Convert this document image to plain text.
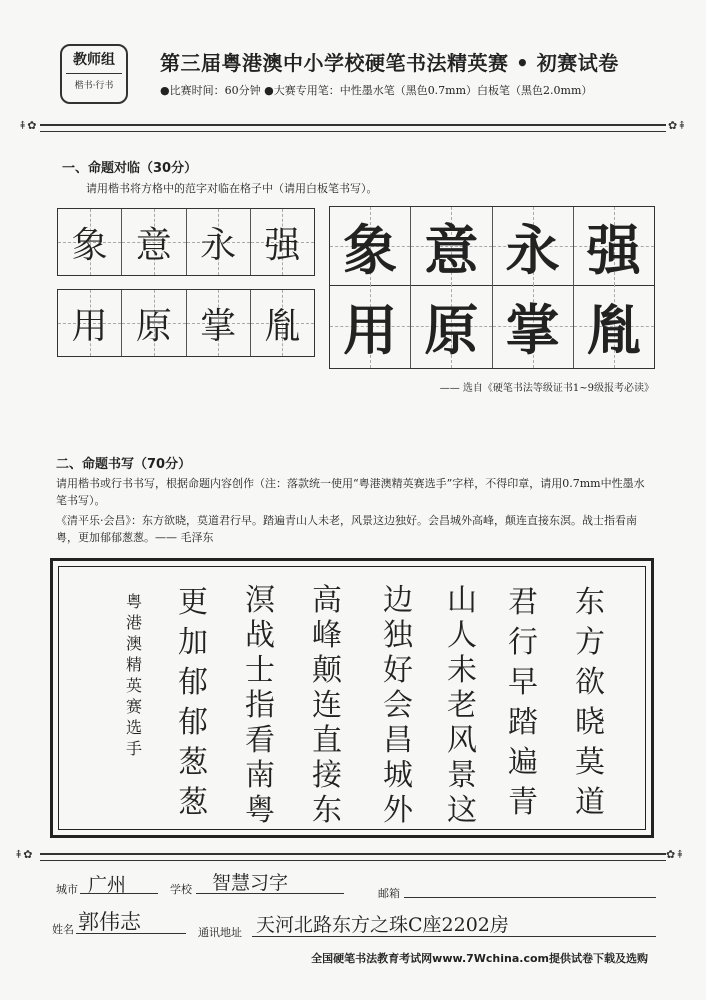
教师组
楷书·行书
第三届粤港澳中小学校硬笔书法精英赛 • 初赛试卷
●比赛时间：60分钟 ●大赛专用笔：中性墨水笔（黑色0.7mm）白板笔（黑色2.0mm）
⇞✿	✿⇞
一、命题对临（30分）
请用楷书将方格中的范字对临在格子中（请用白板笔书写）。
象 意 永 强
用 原 掌 胤
象 意 永 强
用 原 掌 胤
—— 选自《硬笔书法等级证书1~9级报考必读》
二、命题书写（70分）
请用楷书或行书书写，根据命题内容创作（注：落款统一使用“粤港澳精英赛选手”字样，不得印章，请用0.7mm中性墨水笔书写）。
《清平乐·会昌》：东方欲晓，莫道君行早。踏遍青山人未老，风景这边独好。会昌城外高峰，颠连直接东溟。战士指看南粤，更加郁郁葱葱。—— 毛泽东
东
方
欲
晓
莫
道
君
行
早
踏
遍
青
山
人
未
老
风
景
这
边
独
好
会
昌
城
外
高
峰
颠
连
直
接
东
溟
战
士
指
看
南
粤
更
加
郁
郁
葱
葱
粤
港
澳
精
英
赛
选
手
⇞✿	✿⇞
城市 广州	学校 智慧习字	邮箱
姓名 郭伟志	通讯地址 天河北路东方之珠C座2202房
全国硬笔书法教育考试网www.7Wchina.com提供试卷下载及选购
